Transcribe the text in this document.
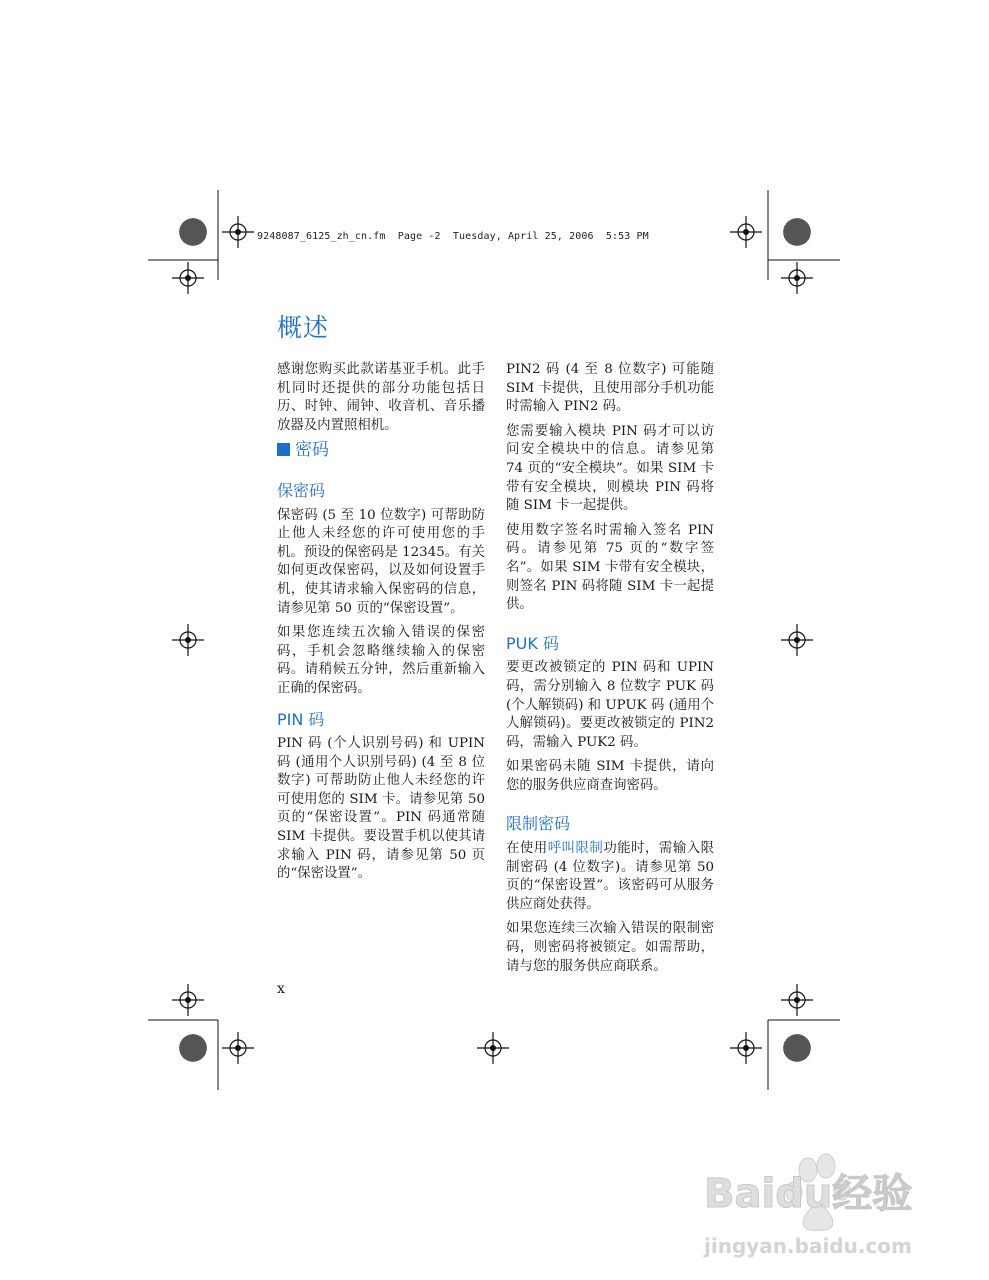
9248087_6125_zh_cn.fm  Page -2  Tuesday, April 25, 2006  5:53 PM
概述

感谢您购买此款诺基亚手机。此手机同时还提供的部分功能包括日历、时钟、闹钟、收音机、音乐播放器及内置照相机。

密码
保密码

保密码 (5 至 10 位数字) 可帮助防止他人未经您的许可使用您的手机。预设的保密码是 12345。有关如何更改保密码，以及如何设置手机，使其请求输入保密码的信息，请参见第 50 页的“保密设置”。

如果您连续五次输入错误的保密码，手机会忽略继续输入的保密码。请稍候五分钟，然后重新输入正确的保密码。

PIN 码

PIN 码 (个人识别号码) 和 UPIN 码 (通用个人识别号码) (4 至 8 位数字) 可帮助防止他人未经您的许可使用您的 SIM 卡。请参见第 50 页的“保密设置”。PIN 码通常随 SIM 卡提供。要设置手机以使其请求输入 PIN 码，请参见第 50 页的“保密设置”。

PIN2 码 (4 至 8 位数字) 可能随 SIM 卡提供，且使用部分手机功能时需输入 PIN2 码。

您需要输入模块 PIN 码才可以访问安全模块中的信息。请参见第 74 页的“安全模块”。如果 SIM 卡带有安全模块，则模块 PIN 码将随 SIM 卡一起提供。

使用数字签名时需输入签名 PIN 码。请参见第 75 页的“数字签名”。如果 SIM 卡带有安全模块，则签名 PIN 码将随 SIM 卡一起提供。

PUK 码

要更改被锁定的 PIN 码和 UPIN 码，需分别输入 8 位数字 PUK 码 (个人解锁码) 和 UPUK 码 (通用个人解锁码)。要更改被锁定的 PIN2 码，需输入 PUK2 码。

如果密码未随 SIM 卡提供，请向您的服务供应商查询密码。

限制密码

在使用呼叫限制功能时，需输入限制密码 (4 位数字)。请参见第 50 页的“保密设置”。该密码可从服务供应商处获得。

如果您连续三次输入错误的限制密码，则密码将被锁定。如需帮助，请与您的服务供应商联系。

x
Baidu经验
jingyan.baidu.com
